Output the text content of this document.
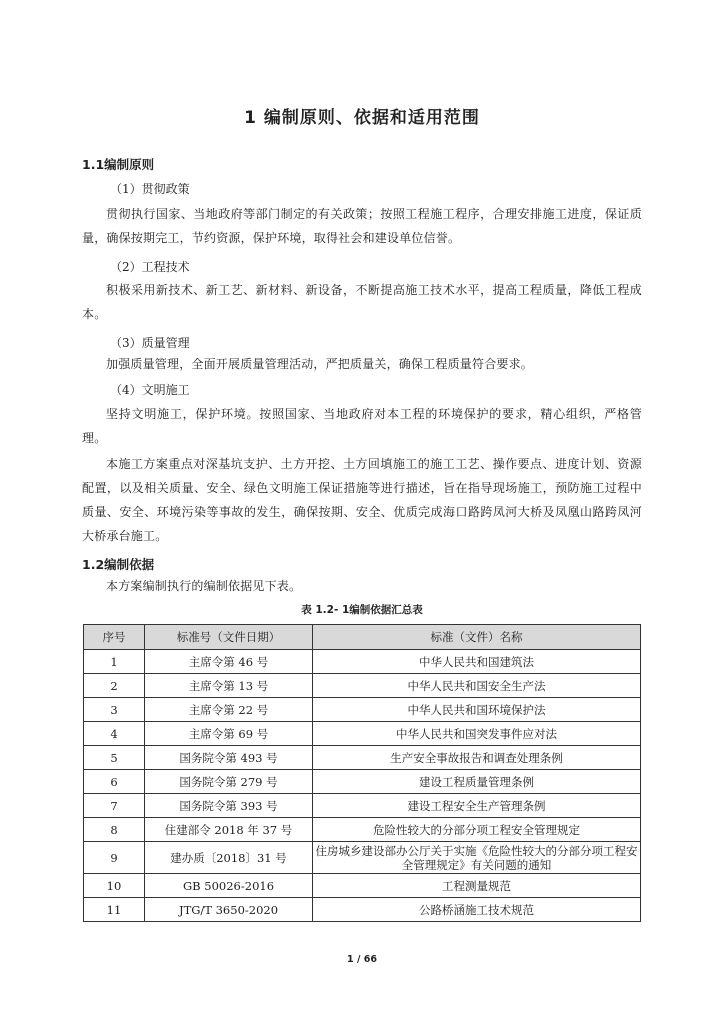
1 编制原则、依据和适用范围
1.1编制原则
（1）贯彻政策
贯彻执行国家、当地政府等部门制定的有关政策；按照工程施工程序，合理安排施工进度，保证质量，确保按期完工，节约资源，保护环境，取得社会和建设单位信誉。
（2）工程技术
积极采用新技术、新工艺、新材料、新设备，不断提高施工技术水平，提高工程质量，降低工程成本。
（3）质量管理
加强质量管理，全面开展质量管理活动，严把质量关，确保工程质量符合要求。
（4）文明施工
坚持文明施工，保护环境。按照国家、当地政府对本工程的环境保护的要求，精心组织，严格管理。
本施工方案重点对深基坑支护、土方开挖、土方回填施工的施工工艺、操作要点、进度计划、资源配置，以及相关质量、安全、绿色文明施工保证措施等进行描述，旨在指导现场施工，预防施工过程中质量、安全、环境污染等事故的发生，确保按期、安全、优质完成海口路跨凤河大桥及凤凰山路跨凤河大桥承台施工。
1.2编制依据
本方案编制执行的编制依据见下表。
表 1.2- 1编制依据汇总表
序号	标准号（文件日期）	标准（文件）名称
1	主席令第 46 号	中华人民共和国建筑法
2	主席令第 13 号	中华人民共和国安全生产法
3	主席令第 22 号	中华人民共和国环境保护法
4	主席令第 69 号	中华人民共和国突发事件应对法
5	国务院令第 493 号	生产安全事故报告和调查处理条例
6	国务院令第 279 号	建设工程质量管理条例
7	国务院令第 393 号	建设工程安全生产管理条例
8	住建部令 2018 年 37 号	危险性较大的分部分项工程安全管理规定
9	建办质〔2018〕31 号	住房城乡建设部办公厅关于实施《危险性较大的分部分项工程安全管理规定》有关问题的通知
10	GB 50026-2016	工程测量规范
11	JTG/T 3650-2020	公路桥涵施工技术规范
1 / 66
